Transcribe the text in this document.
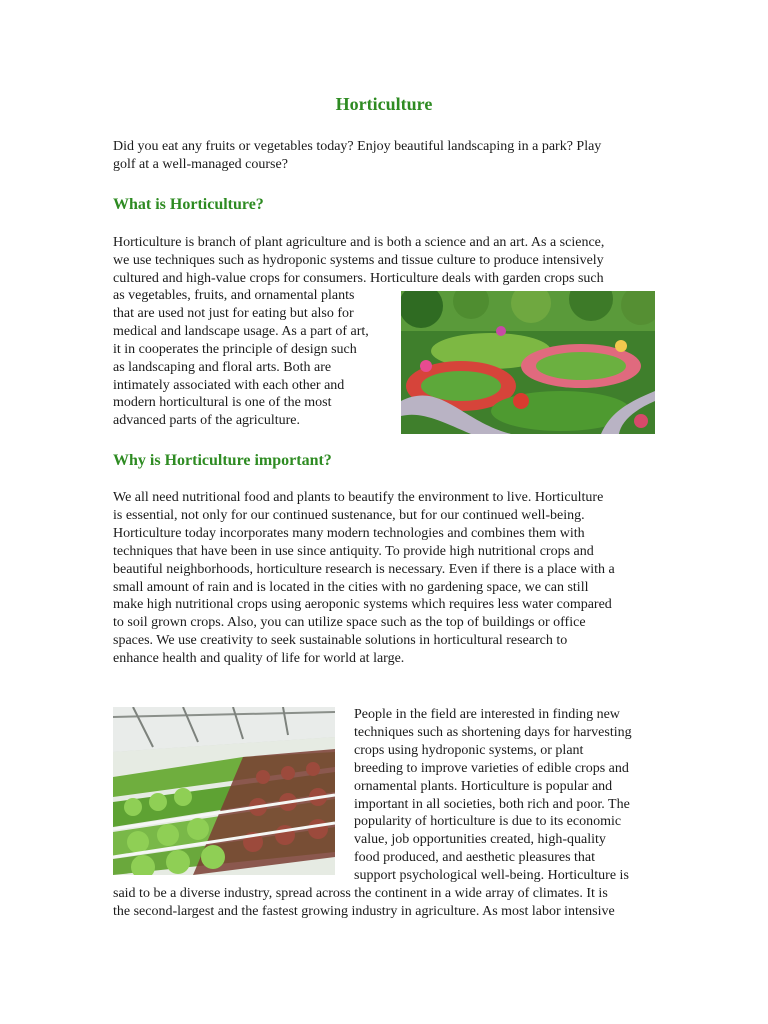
Horticulture

Did you eat any fruits or vegetables today? Enjoy beautiful landscaping in a park? Play
golf at a well-managed course?

What is Horticulture?

Horticulture is branch of plant agriculture and is both a science and an art. As a science,
we use techniques such as hydroponic systems and tissue culture to produce intensively
cultured and high-value crops for consumers. Horticulture deals with garden crops such

as vegetables, fruits, and ornamental plants
that are used not just for eating but also for
medical and landscape usage. As a part of art,
it in cooperates the principle of design such
as landscaping and floral arts. Both are
intimately associated with each other and
modern horticultural is one of the most
advanced parts of the agriculture.

Why is Horticulture important?

We all need nutritional food and plants to beautify the environment to live. Horticulture
is essential, not only for our continued sustenance, but for our continued well-being.
Horticulture today incorporates many modern technologies and combines them with
techniques that have been in use since antiquity. To provide high nutritional crops and
beautiful neighborhoods, horticulture research is necessary. Even if there is a place with a
small amount of rain and is located in the cities with no gardening space, we can still
make high nutritional crops using aeroponic systems which requires less water compared
to soil grown crops. Also, you can utilize space such as the top of buildings or office
spaces. We use creativity to seek sustainable solutions in horticultural research to
enhance health and quality of life for world at large.

People in the field are interested in finding new
techniques such as shortening days for harvesting
crops using hydroponic systems, or plant
breeding to improve varieties of edible crops and
ornamental plants. Horticulture is popular and
important in all societies, both rich and poor. The
popularity of horticulture is due to its economic
value, job opportunities created, high-quality
food produced, and aesthetic pleasures that
support psychological well-being. Horticulture is

said to be a diverse industry, spread across the continent in a wide array of climates. It is
the second-largest and the fastest growing industry in agriculture. As most labor intensive
